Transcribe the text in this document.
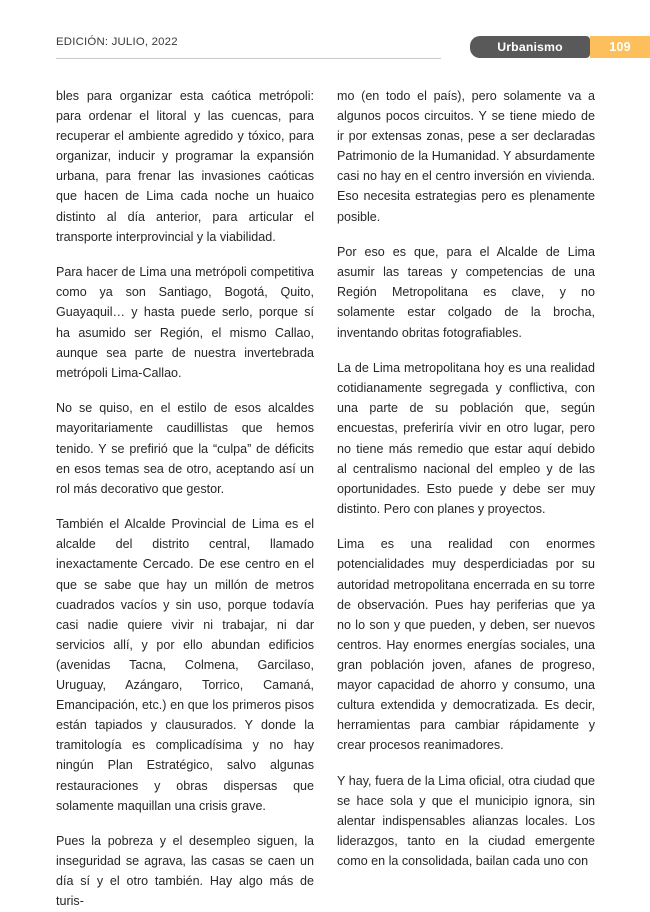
EDICIÓN: JULIO, 2022	Urbanismo	109

bles para organizar esta caótica metrópoli: para ordenar el litoral y las cuencas, para recuperar el ambiente agredido y tóxico, para organizar, inducir y programar la expansión urbana, para frenar las invasiones caóticas que hacen de Lima cada noche un huaico distinto al día anterior, para articular el transporte interprovincial y la viabilidad.

Para hacer de Lima una metrópoli competitiva como ya son Santiago, Bogotá, Quito, Guayaquil… y hasta puede serlo, porque sí ha asumido ser Región, el mismo Callao, aunque sea parte de nuestra invertebrada metrópoli Lima-Callao.

No se quiso, en el estilo de esos alcaldes mayoritariamente caudillistas que hemos tenido. Y se prefirió que la “culpa” de déficits en esos temas sea de otro, aceptando así un rol más decorativo que gestor.

También el Alcalde Provincial de Lima es el alcalde del distrito central, llamado inexactamente Cercado. De ese centro en el que se sabe que hay un millón de metros cuadrados vacíos y sin uso, porque todavía casi nadie quiere vivir ni trabajar, ni dar servicios allí, y por ello abundan edificios (avenidas Tacna, Colmena, Garcilaso, Uruguay, Azángaro, Torrico, Camaná, Emancipación, etc.) en que los primeros pisos están tapiados y clausurados. Y donde la tramitología es complicadísima y no hay ningún Plan Estratégico, salvo algunas restauraciones y obras dispersas que solamente maquillan una crisis grave.

Pues la pobreza y el desempleo siguen, la inseguridad se agrava, las casas se caen un día sí y el otro también. Hay algo más de turis-

mo (en todo el país), pero solamente va a algunos pocos circuitos. Y se tiene miedo de ir por extensas zonas, pese a ser declaradas Patrimonio de la Humanidad. Y absurdamente casi no hay en el centro inversión en vivienda. Eso necesita estrategias pero es plenamente posible.

Por eso es que, para el Alcalde de Lima asumir las tareas y competencias de una Región Metropolitana es clave, y no solamente estar colgado de la brocha, inventando obritas fotografiables.

La de Lima metropolitana hoy es una realidad cotidianamente segregada y conflictiva, con una parte de su población que, según encuestas, preferiría vivir en otro lugar, pero no tiene más remedio que estar aquí debido al centralismo nacional del empleo y de las oportunidades. Esto puede y debe ser muy distinto. Pero con planes y proyectos.

Lima es una realidad con enormes potencialidades muy desperdiciadas por su autoridad metropolitana encerrada en su torre de observación. Pues hay periferias que ya no lo son y que pueden, y deben, ser nuevos centros. Hay enormes energías sociales, una gran población joven, afanes de progreso, mayor capacidad de ahorro y consumo, una cultura extendida y democratizada. Es decir, herramientas para cambiar rápidamente y crear procesos reanimadores.

Y hay, fuera de la Lima oficial, otra ciudad que se hace sola y que el municipio ignora, sin alentar indispensables alianzas locales. Los liderazgos, tanto en la ciudad emergente como en la consolidada, bailan cada uno con
